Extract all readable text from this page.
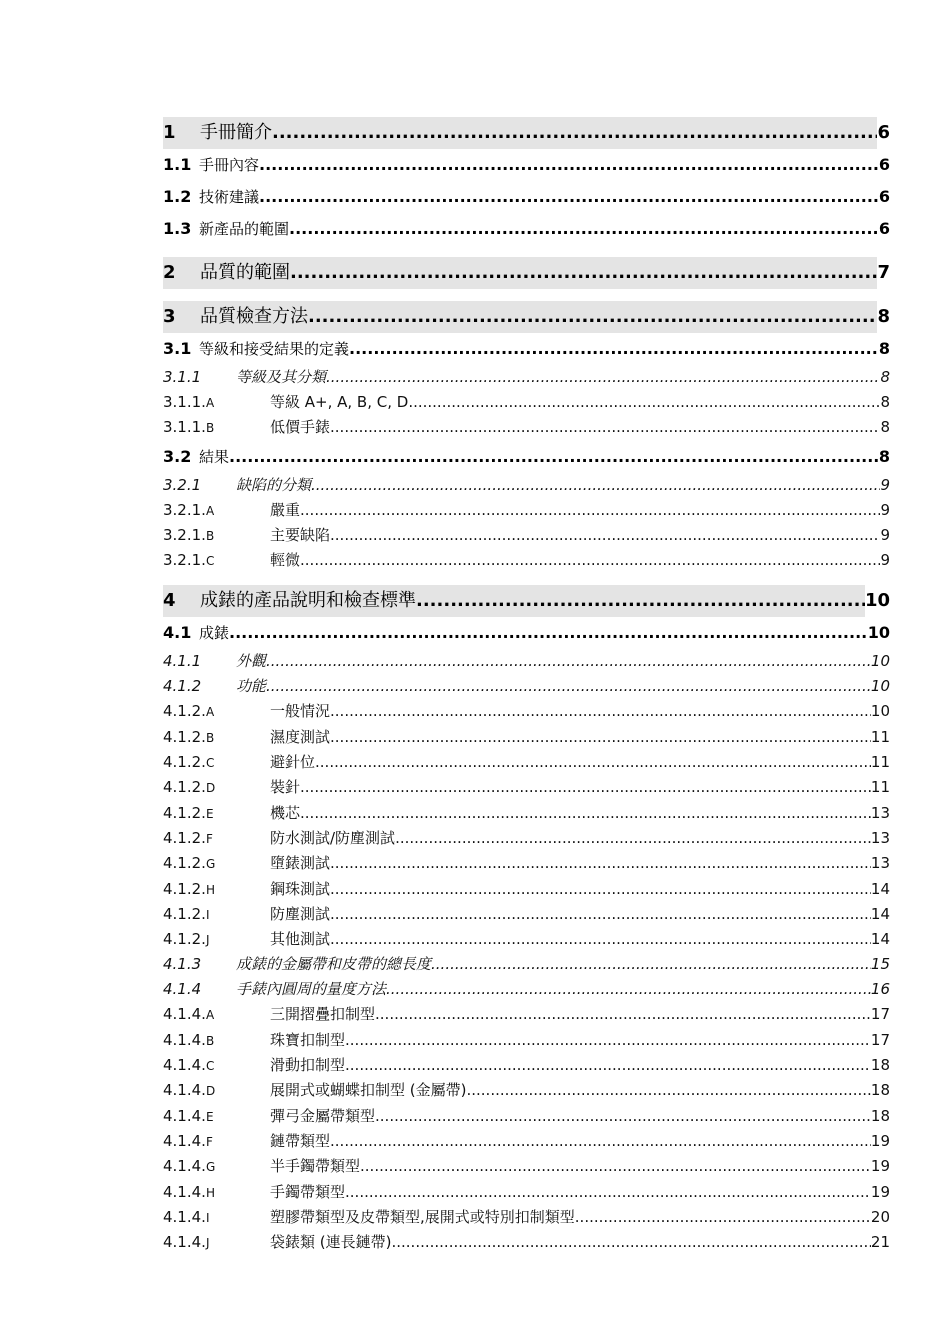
1	手冊簡介 .....	6
1.1 手冊內容 .....	6
1.2 技術建議 .....	6
1.3 新產品的範圍 .....	6
2	品質的範圍 .....	7
3	品質檢查方法 .....	8
3.1 等級和接受結果的定義 .....	8
3.1.1	等級及其分類 .....	8
3.1.1.A	等級 A+, A, B, C, D .....	8
3.1.1.B	低價手錶 .....	8
3.2 結果 .....	8
3.2.1	缺陷的分類 .....	9
3.2.1.A	嚴重 .....	9
3.2.1.B	主要缺陷 .....	9
3.2.1.C	輕微 .....	9
4	成錶的產品說明和檢查標準 .....	10
4.1 成錶 .....	10
4.1.1	外觀 .....	10
4.1.2	功能 .....	10
4.1.2.A	一般情況 .....	10
4.1.2.B	濕度測試 .....	11
4.1.2.C	避針位 .....	11
4.1.2.D	裝針 .....	11
4.1.2.E	機芯 .....	13
4.1.2.F	防水測試/防塵測試 .....	13
4.1.2.G	墮錶測試 .....	13
4.1.2.H	鋼珠測試 .....	14
4.1.2.I	防塵測試 .....	14
4.1.2.J	其他測試 .....	14
4.1.3	成錶的金屬帶和皮帶的總長度 .....	15
4.1.4	手錶內圓周的量度方法 .....	16
4.1.4.A	三開摺疊扣制型 .....	17
4.1.4.B	珠寶扣制型 .....	17
4.1.4.C	滑動扣制型 .....	18
4.1.4.D	展開式或蝴蝶扣制型 (金屬帶) .....	18
4.1.4.E	彈弓金屬帶類型 .....	18
4.1.4.F	鏈帶類型 .....	19
4.1.4.G	半手鐲帶類型 .....	19
4.1.4.H	手鐲帶類型 .....	19
4.1.4.I	塑膠帶類型及皮帶類型,展開式或特別扣制類型 .....	20
4.1.4.J	袋錶類 (連長鏈帶) .....	21
